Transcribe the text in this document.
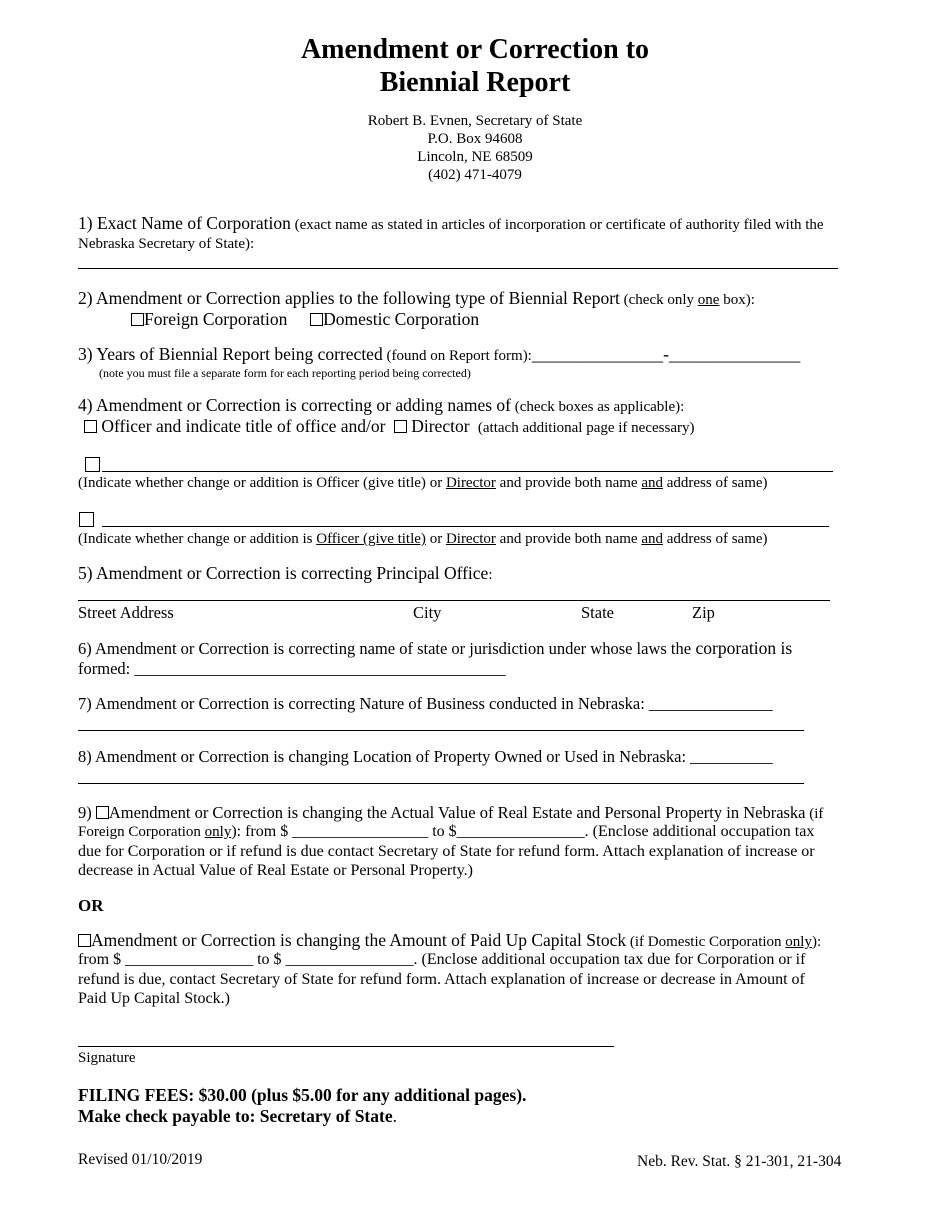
Amendment or Correction to
Biennial Report
Robert B. Evnen, Secretary of State
P.O. Box 94608
Lincoln, NE 68509
(402) 471-4079
1) Exact Name of Corporation (exact name as stated in articles of incorporation or certificate of authority filed with the
Nebraska Secretary of State):
2) Amendment or Correction applies to the following type of Biennial Report (check only one box):
Foreign Corporation Domestic Corporation
3) Years of Biennial Report being corrected (found on Report form):_______________-_______________
(note you must file a separate form for each reporting period being corrected)
4) Amendment or Correction is correcting or adding names of (check boxes as applicable):
Officer and indicate title of office and/or Director (attach additional page if necessary)
(Indicate whether change or addition is Officer (give title) or Director and provide both name and address of same)
(Indicate whether change or addition is Officer (give title) or Director and provide both name and address of same)
5) Amendment or Correction is correcting Principal Office:
Street Address	City	State	Zip
6) Amendment or Correction is correcting name of state or jurisdiction under whose laws the corporation is
formed: _____________________________________________
7) Amendment or Correction is correcting Nature of Business conducted in Nebraska: _______________
8) Amendment or Correction is changing Location of Property Owned or Used in Nebraska: __________
9) Amendment or Correction is changing the Actual Value of Real Estate and Personal Property in Nebraska (if
Foreign Corporation only): from $ _________________ to $________________. (Enclose additional occupation tax
due for Corporation or if refund is due contact Secretary of State for refund form. Attach explanation of increase or
decrease in Actual Value of Real Estate or Personal Property.)
OR
Amendment or Correction is changing the Amount of Paid Up Capital Stock (if Domestic Corporation only):
from $ ________________ to $ ________________. (Enclose additional occupation tax due for Corporation or if
refund is due, contact Secretary of State for refund form. Attach explanation of increase or decrease in Amount of
Paid Up Capital Stock.)
Signature
FILING FEES: $30.00 (plus $5.00 for any additional pages).
Make check payable to: Secretary of State.
Revised 01/10/2019	Neb. Rev. Stat. § 21-301, 21-304
